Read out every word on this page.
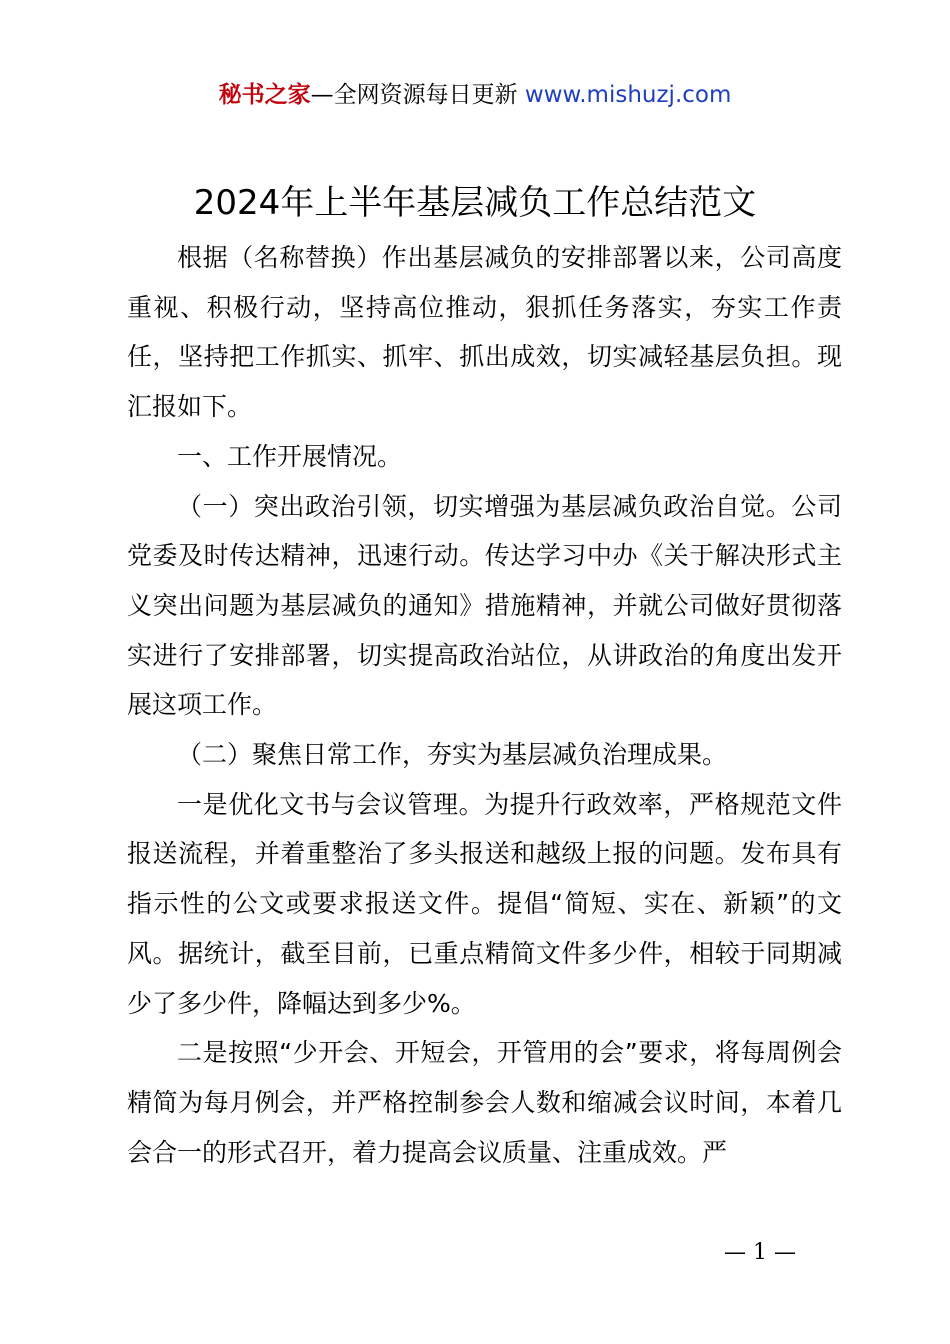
秘书之家—全网资源每日更新 www.mishuzj.com
2024年上半年基层减负工作总结范文

根据（名称替换）作出基层减负的安排部署以来，公司高度重视、积极行动，坚持高位推动，狠抓任务落实，夯实工作责任，坚持把工作抓实、抓牢、抓出成效，切实减轻基层负担。现汇报如下。

一、工作开展情况。

（一）突出政治引领，切实增强为基层减负政治自觉。公司党委及时传达精神，迅速行动。传达学习中办《关于解决形式主义突出问题为基层减负的通知》措施精神，并就公司做好贯彻落实进行了安排部署，切实提高政治站位，从讲政治的角度出发开展这项工作。

（二）聚焦日常工作，夯实为基层减负治理成果。

一是优化文书与会议管理。为提升行政效率，严格规范文件报送流程，并着重整治了多头报送和越级上报的问题。发布具有指示性的公文或要求报送文件。提倡“简短、实在、新颖”的文风。据统计，截至目前，已重点精简文件多少件，相较于同期减少了多少件，降幅达到多少%。

二是按照“少开会、开短会，开管用的会”要求，将每周例会精简为每月例会，并严格控制参会人数和缩减会议时间，本着几会合一的形式召开，着力提高会议质量、注重成效。严

— 1 —
